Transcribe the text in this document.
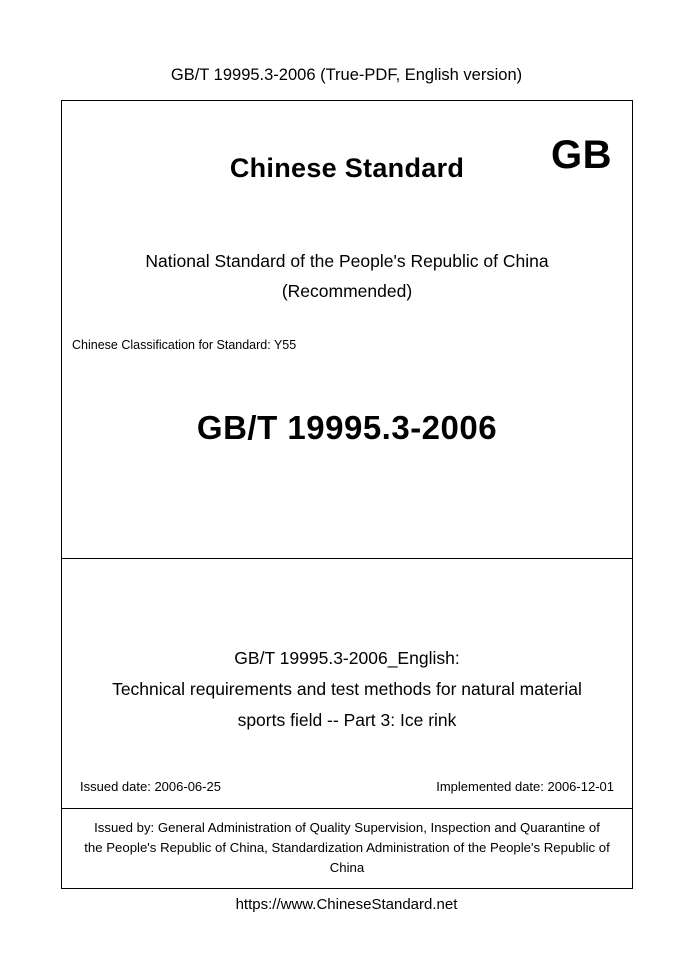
GB/T 19995.3-2006 (True-PDF, English version)
Chinese Standard	GB
National Standard of the People's Republic of China
(Recommended)
Chinese Classification for Standard: Y55
GB/T 19995.3-2006
GB/T 19995.3-2006_English:
Technical requirements and test methods for natural material
sports field -- Part 3: Ice rink
Issued date: 2006-06-25	Implemented date: 2006-12-01
Issued by: General Administration of Quality Supervision, Inspection and Quarantine of
the People's Republic of China, Standardization Administration of the People's Republic of
China
https://www.ChineseStandard.net
